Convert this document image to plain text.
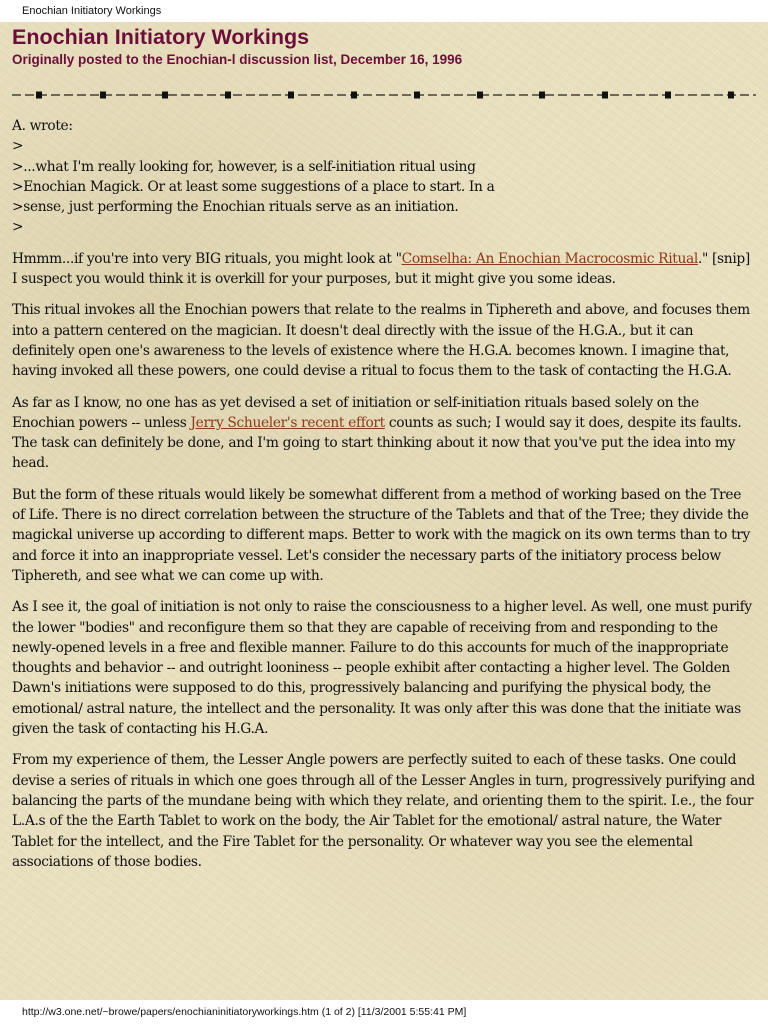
Enochian Initiatory Workings
Enochian Initiatory Workings
Originally posted to the Enochian-l discussion list, December 16, 1996
A. wrote:
>
>...what I'm really looking for, however, is a self-initiation ritual using
>Enochian Magick. Or at least some suggestions of a place to start. In a
>sense, just performing the Enochian rituals serve as an initiation.
>

Hmmm...if you're into very BIG rituals, you might look at "Comselha: An Enochian Macrocosmic Ritual." [snip] I suspect you would think it is overkill for your purposes, but it might give you some ideas.

This ritual invokes all the Enochian powers that relate to the realms in Tiphereth and above, and focuses them into a pattern centered on the magician. It doesn't deal directly with the issue of the H.G.A., but it can definitely open one's awareness to the levels of existence where the H.G.A. becomes known. I imagine that, having invoked all these powers, one could devise a ritual to focus them to the task of contacting the H.G.A.

As far as I know, no one has as yet devised a set of initiation or self-initiation rituals based solely on the Enochian powers -- unless Jerry Schueler's recent effort counts as such; I would say it does, despite its faults. The task can definitely be done, and I'm going to start thinking about it now that you've put the idea into my head.

But the form of these rituals would likely be somewhat different from a method of working based on the Tree of Life. There is no direct correlation between the structure of the Tablets and that of the Tree; they divide the magickal universe up according to different maps. Better to work with the magick on its own terms than to try and force it into an inappropriate vessel. Let's consider the necessary parts of the initiatory process below Tiphereth, and see what we can come up with.

As I see it, the goal of initiation is not only to raise the consciousness to a higher level. As well, one must purify the lower "bodies" and reconfigure them so that they are capable of receiving from and responding to the newly-opened levels in a free and flexible manner. Failure to do this accounts for much of the inappropriate thoughts and behavior -- and outright looniness -- people exhibit after contacting a higher level. The Golden Dawn's initiations were supposed to do this, progressively balancing and purifying the physical body, the emotional/ astral nature, the intellect and the personality. It was only after this was done that the initiate was given the task of contacting his H.G.A.

From my experience of them, the Lesser Angle powers are perfectly suited to each of these tasks. One could devise a series of rituals in which one goes through all of the Lesser Angles in turn, progressively purifying and balancing the parts of the mundane being with which they relate, and orienting them to the spirit. I.e., the four L.A.s of the the Earth Tablet to work on the body, the Air Tablet for the emotional/ astral nature, the Water Tablet for the intellect, and the Fire Tablet for the personality. Or whatever way you see the elemental associations of those bodies.

http://w3.one.net/~browe/papers/enochianinitiatoryworkings.htm (1 of 2) [11/3/2001 5:55:41 PM]
